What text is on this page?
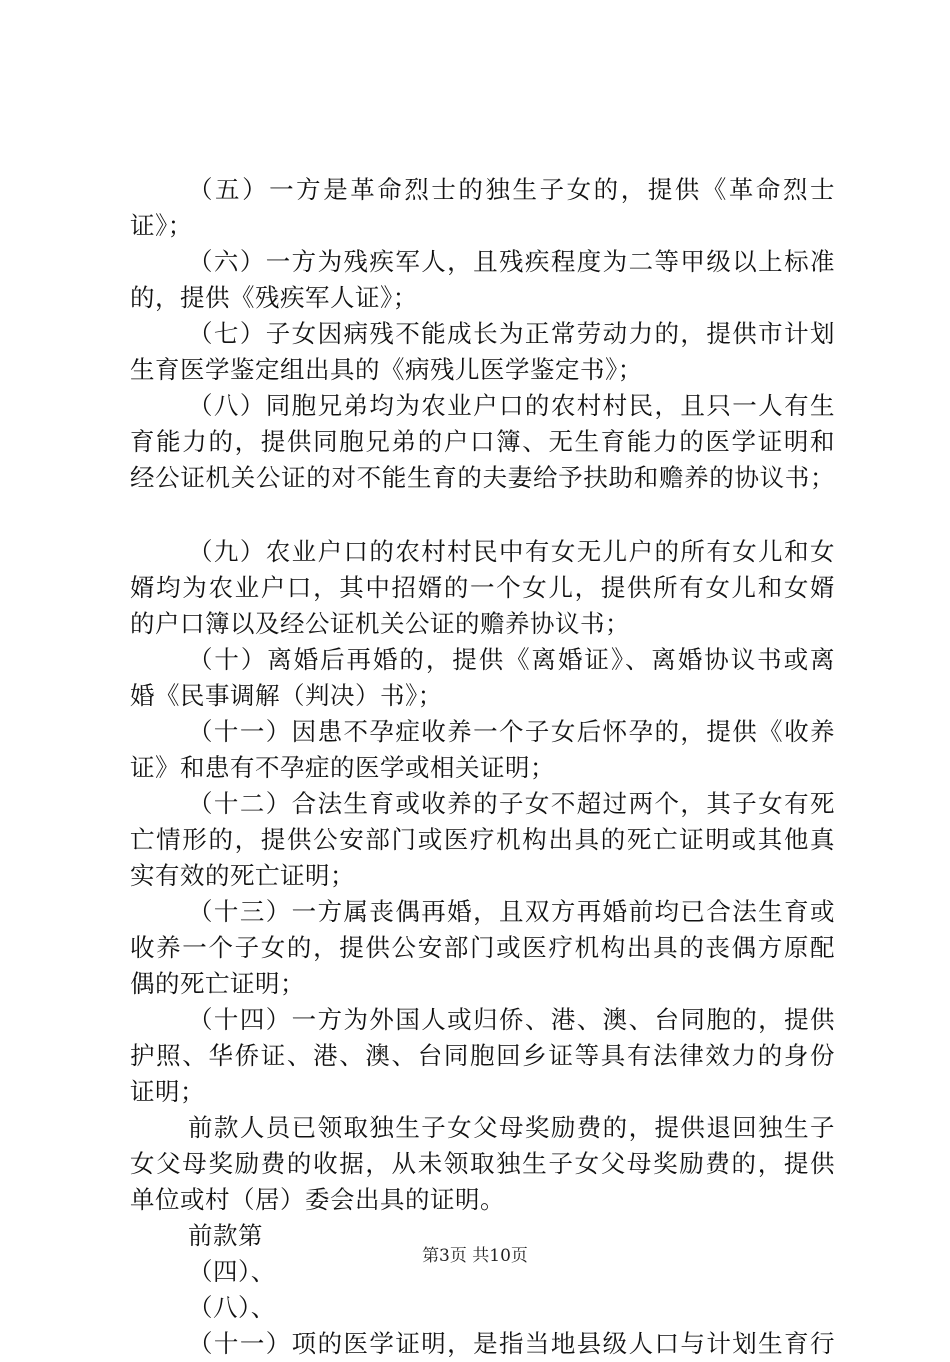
（五）一方是革命烈士的独生子女的，提供《革命烈士
证》；
（六）一方为残疾军人，且残疾程度为二等甲级以上标准
的，提供《残疾军人证》；
（七）子女因病残不能成长为正常劳动力的，提供市计划
生育医学鉴定组出具的《病残儿医学鉴定书》；
（八）同胞兄弟均为农业户口的农村村民，且只一人有生
育能力的，提供同胞兄弟的户口簿、无生育能力的医学证明和
经公证机关公证的对不能生育的夫妻给予扶助和赡养的协议书；
（九）农业户口的农村村民中有女无儿户的所有女儿和女
婿均为农业户口，其中招婿的一个女儿，提供所有女儿和女婿
的户口簿以及经公证机关公证的赡养协议书；
（十）离婚后再婚的，提供《离婚证》、离婚协议书或离
婚《民事调解（判决）书》；
（十一）因患不孕症收养一个子女后怀孕的，提供《收养
证》和患有不孕症的医学或相关证明；
（十二）合法生育或收养的子女不超过两个，其子女有死
亡情形的，提供公安部门或医疗机构出具的死亡证明或其他真
实有效的死亡证明；
（十三）一方属丧偶再婚，且双方再婚前均已合法生育或
收养一个子女的，提供公安部门或医疗机构出具的丧偶方原配
偶的死亡证明；
（十四）一方为外国人或归侨、港、澳、台同胞的，提供
护照、华侨证、港、澳、台同胞回乡证等具有法律效力的身份
证明；
前款人员已领取独生子女父母奖励费的，提供退回独生子
女父母奖励费的收据，从未领取独生子女父母奖励费的，提供
单位或村（居）委会出具的证明。
前款第
（四）、
（八）、
（十一）项的医学证明，是指当地县级人口与计划生育行
第3页 共10页
